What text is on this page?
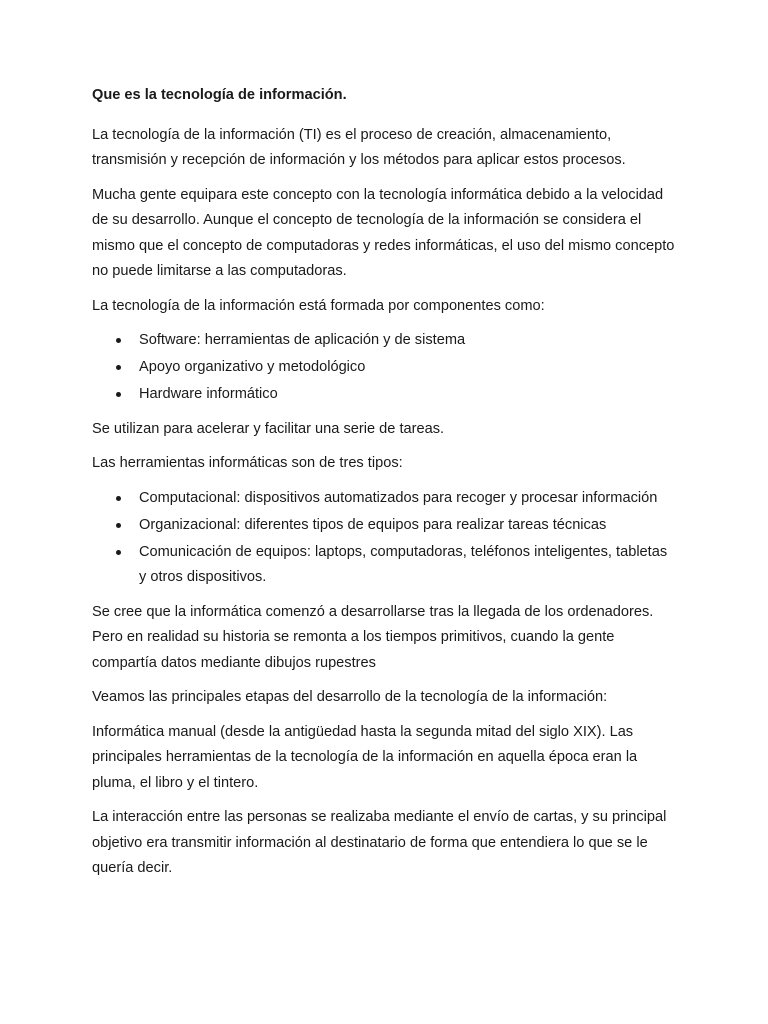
Que es la tecnología de información.

La tecnología de la información (TI) es el proceso de creación, almacenamiento, transmisión y recepción de información y los métodos para aplicar estos procesos.

Mucha gente equipara este concepto con la tecnología informática debido a la velocidad de su desarrollo. Aunque el concepto de tecnología de la información se considera el mismo que el concepto de computadoras y redes informáticas, el uso del mismo concepto no puede limitarse a las computadoras.

La tecnología de la información está formada por componentes como:

Software: herramientas de aplicación y de sistema
Apoyo organizativo y metodológico
Hardware informático

Se utilizan para acelerar y facilitar una serie de tareas.

Las herramientas informáticas son de tres tipos:

Computacional: dispositivos automatizados para recoger y procesar información
Organizacional: diferentes tipos de equipos para realizar tareas técnicas
Comunicación de equipos: laptops, computadoras, teléfonos inteligentes, tabletas y otros dispositivos.

Se cree que la informática comenzó a desarrollarse tras la llegada de los ordenadores. Pero en realidad su historia se remonta a los tiempos primitivos, cuando la gente compartía datos mediante dibujos rupestres

Veamos las principales etapas del desarrollo de la tecnología de la información:

Informática manual (desde la antigüedad hasta la segunda mitad del siglo XIX). Las principales herramientas de la tecnología de la información en aquella época eran la pluma, el libro y el tintero.

La interacción entre las personas se realizaba mediante el envío de cartas, y su principal objetivo era transmitir información al destinatario de forma que entendiera lo que se le quería decir.
